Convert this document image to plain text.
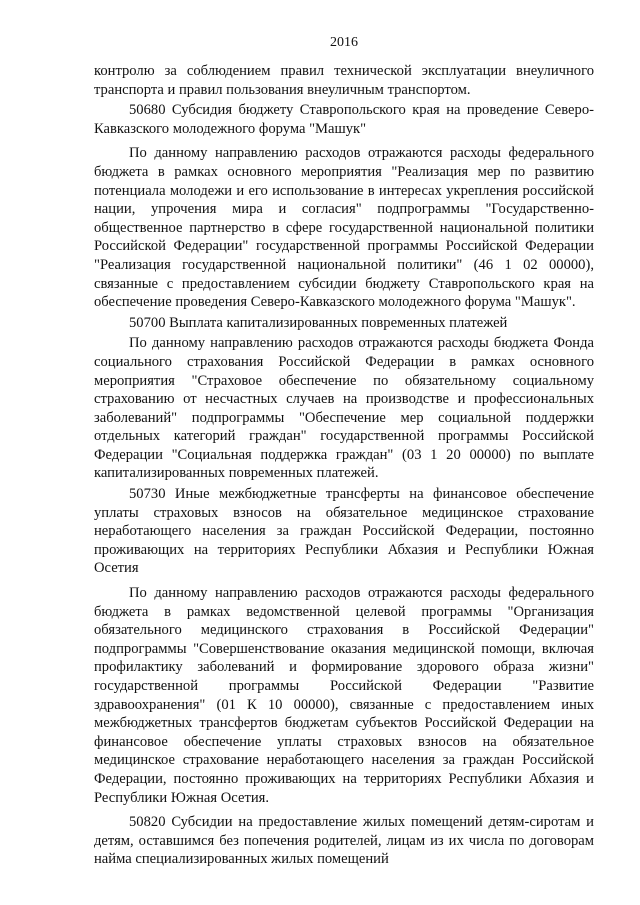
2016

контролю за соблюдением правил технической эксплуатации внеуличного транспорта и правил пользования внеуличным транспортом.

50680 Субсидия бюджету Ставропольского края на проведение Северо-Кавказского молодежного форума "Машук"

По данному направлению расходов отражаются расходы федерального бюджета в рамках основного мероприятия "Реализация мер по развитию потенциала молодежи и его использование в интересах укрепления российской нации, упрочения мира и согласия" подпрограммы "Государственно-общественное партнерство в сфере государственной национальной политики Российской Федерации" государственной программы Российской Федерации "Реализация государственной национальной политики" (46 1 02 00000), связанные с предоставлением субсидии бюджету Ставропольского края на обеспечение проведения Северо-Кавказского молодежного форума "Машук".

50700 Выплата капитализированных повременных платежей

По данному направлению расходов отражаются расходы бюджета Фонда социального страхования Российской Федерации в рамках основного мероприятия "Страховое обеспечение по обязательному социальному страхованию от несчастных случаев на производстве и профессиональных заболеваний" подпрограммы "Обеспечение мер социальной поддержки отдельных категорий граждан" государственной программы Российской Федерации "Социальная поддержка граждан" (03 1 20 00000) по выплате капитализированных повременных платежей.

50730 Иные межбюджетные трансферты на финансовое обеспечение уплаты страховых взносов на обязательное медицинское страхование неработающего населения за граждан Российской Федерации, постоянно проживающих на территориях Республики Абхазия и Республики Южная Осетия

По данному направлению расходов отражаются расходы федерального бюджета в рамках ведомственной целевой программы "Организация обязательного медицинского страхования в Российской Федерации" подпрограммы "Совершенствование оказания медицинской помощи, включая профилактику заболеваний и формирование здорового образа жизни" государственной программы Российской Федерации "Развитие здравоохранения" (01 К 10 00000), связанные с предоставлением иных межбюджетных трансфертов бюджетам субъектов Российской Федерации на финансовое обеспечение уплаты страховых взносов на обязательное медицинское страхование неработающего населения за граждан Российской Федерации, постоянно проживающих на территориях Республики Абхазия и Республики Южная Осетия.

50820 Субсидии на предоставление жилых помещений детям-сиротам и детям, оставшимся без попечения родителей, лицам из их числа по договорам найма специализированных жилых помещений
